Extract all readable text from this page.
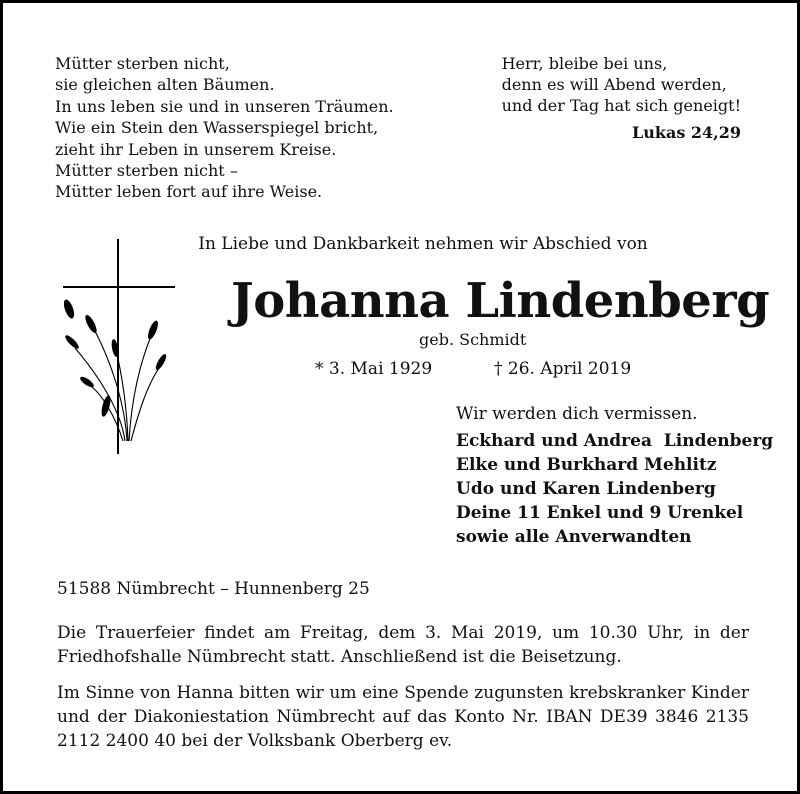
Mütter sterben nicht,
sie gleichen alten Bäumen.
In uns leben sie und in unseren Träumen.
Wie ein Stein den Wasserspiegel bricht,
zieht ihr Leben in unserem Kreise.
Mütter sterben nicht –
Mütter leben fort auf ihre Weise.
Herr, bleibe bei uns,
denn es will Abend werden,
und der Tag hat sich geneigt!
Lukas 24,29
In Liebe und Dankbarkeit nehmen wir Abschied von
Johanna Lindenberg
geb. Schmidt
* 3. Mai 1929	† 26. April 2019
Wir werden dich vermissen.
Eckhard und Andrea  Lindenberg
Elke und Burkhard Mehlitz
Udo und Karen Lindenberg
Deine 11 Enkel und 9 Urenkel
sowie alle Anverwandten
51588 Nümbrecht – Hunnenberg 25
Die Trauerfeier findet am Freitag, dem 3. Mai 2019, um 10.30 Uhr, in der Friedhofshalle Nümbrecht statt. Anschließend ist die Beisetzung.
Im Sinne von Hanna bitten wir um eine Spende zugunsten krebskranker Kinder und der Diakoniestation Nümbrecht auf das Konto Nr. IBAN DE39 3846 2135 2112 2400 40 bei der Volksbank Oberberg ev.
